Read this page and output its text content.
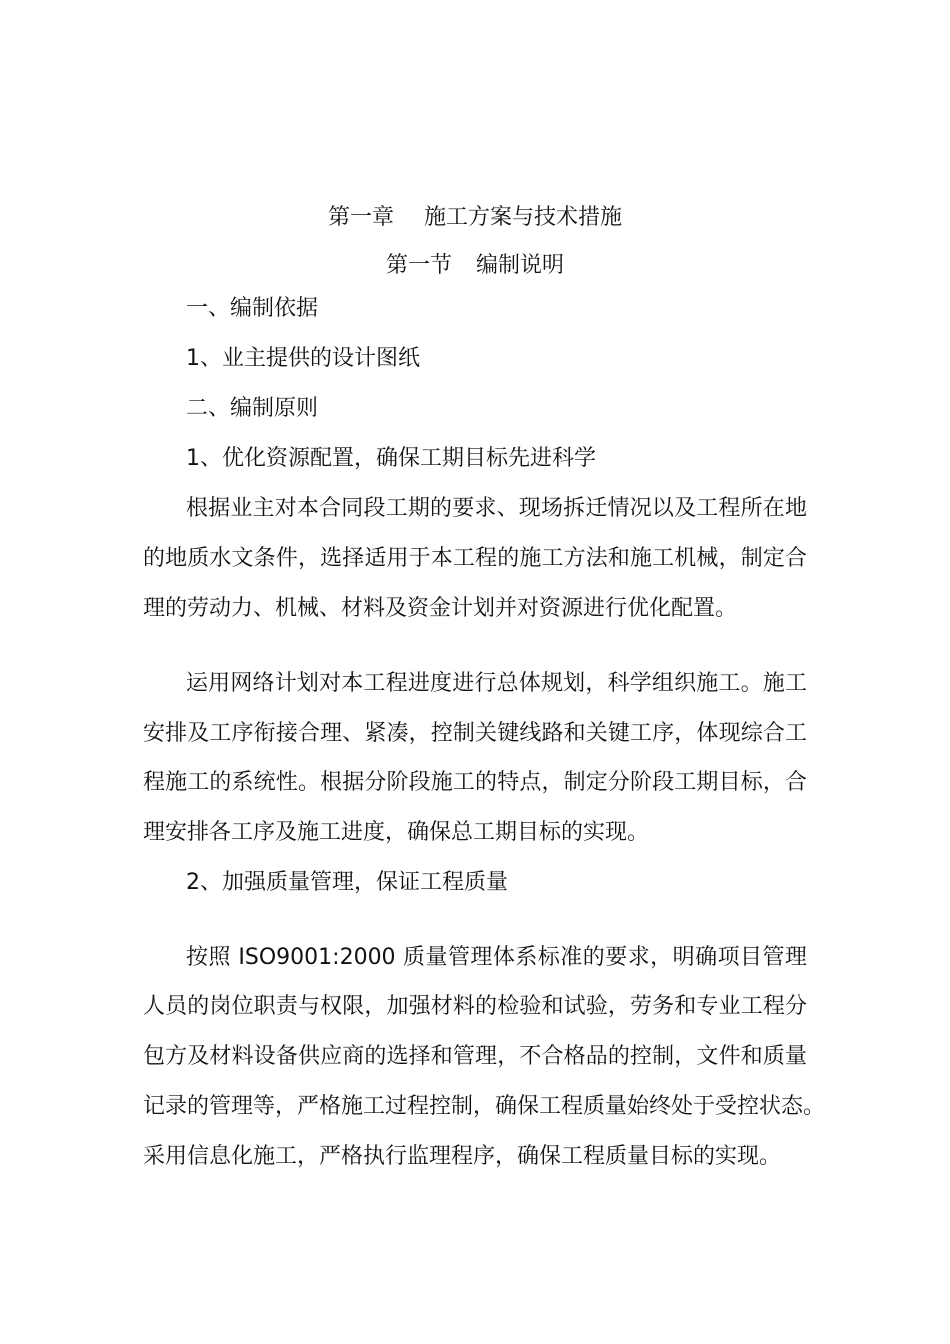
第一章 施工方案与技术措施
第一节 编制说明
一、编制依据
1、业主提供的设计图纸
二、编制原则
1、优化资源配置，确保工期目标先进科学
根据业主对本合同段工期的要求、现场拆迁情况以及工程所在地
的地质水文条件，选择适用于本工程的施工方法和施工机械，制定合
理的劳动力、机械、材料及资金计划并对资源进行优化配置。
运用网络计划对本工程进度进行总体规划，科学组织施工。施工
安排及工序衔接合理、紧凑，控制关键线路和关键工序，体现综合工
程施工的系统性。根据分阶段施工的特点，制定分阶段工期目标，合
理安排各工序及施工进度，确保总工期目标的实现。
2、加强质量管理，保证工程质量
按照 ISO9001:2000 质量管理体系标准的要求，明确项目管理
人员的岗位职责与权限，加强材料的检验和试验，劳务和专业工程分
包方及材料设备供应商的选择和管理，不合格品的控制，文件和质量
记录的管理等，严格施工过程控制，确保工程质量始终处于受控状态。
采用信息化施工，严格执行监理程序，确保工程质量目标的实现。
